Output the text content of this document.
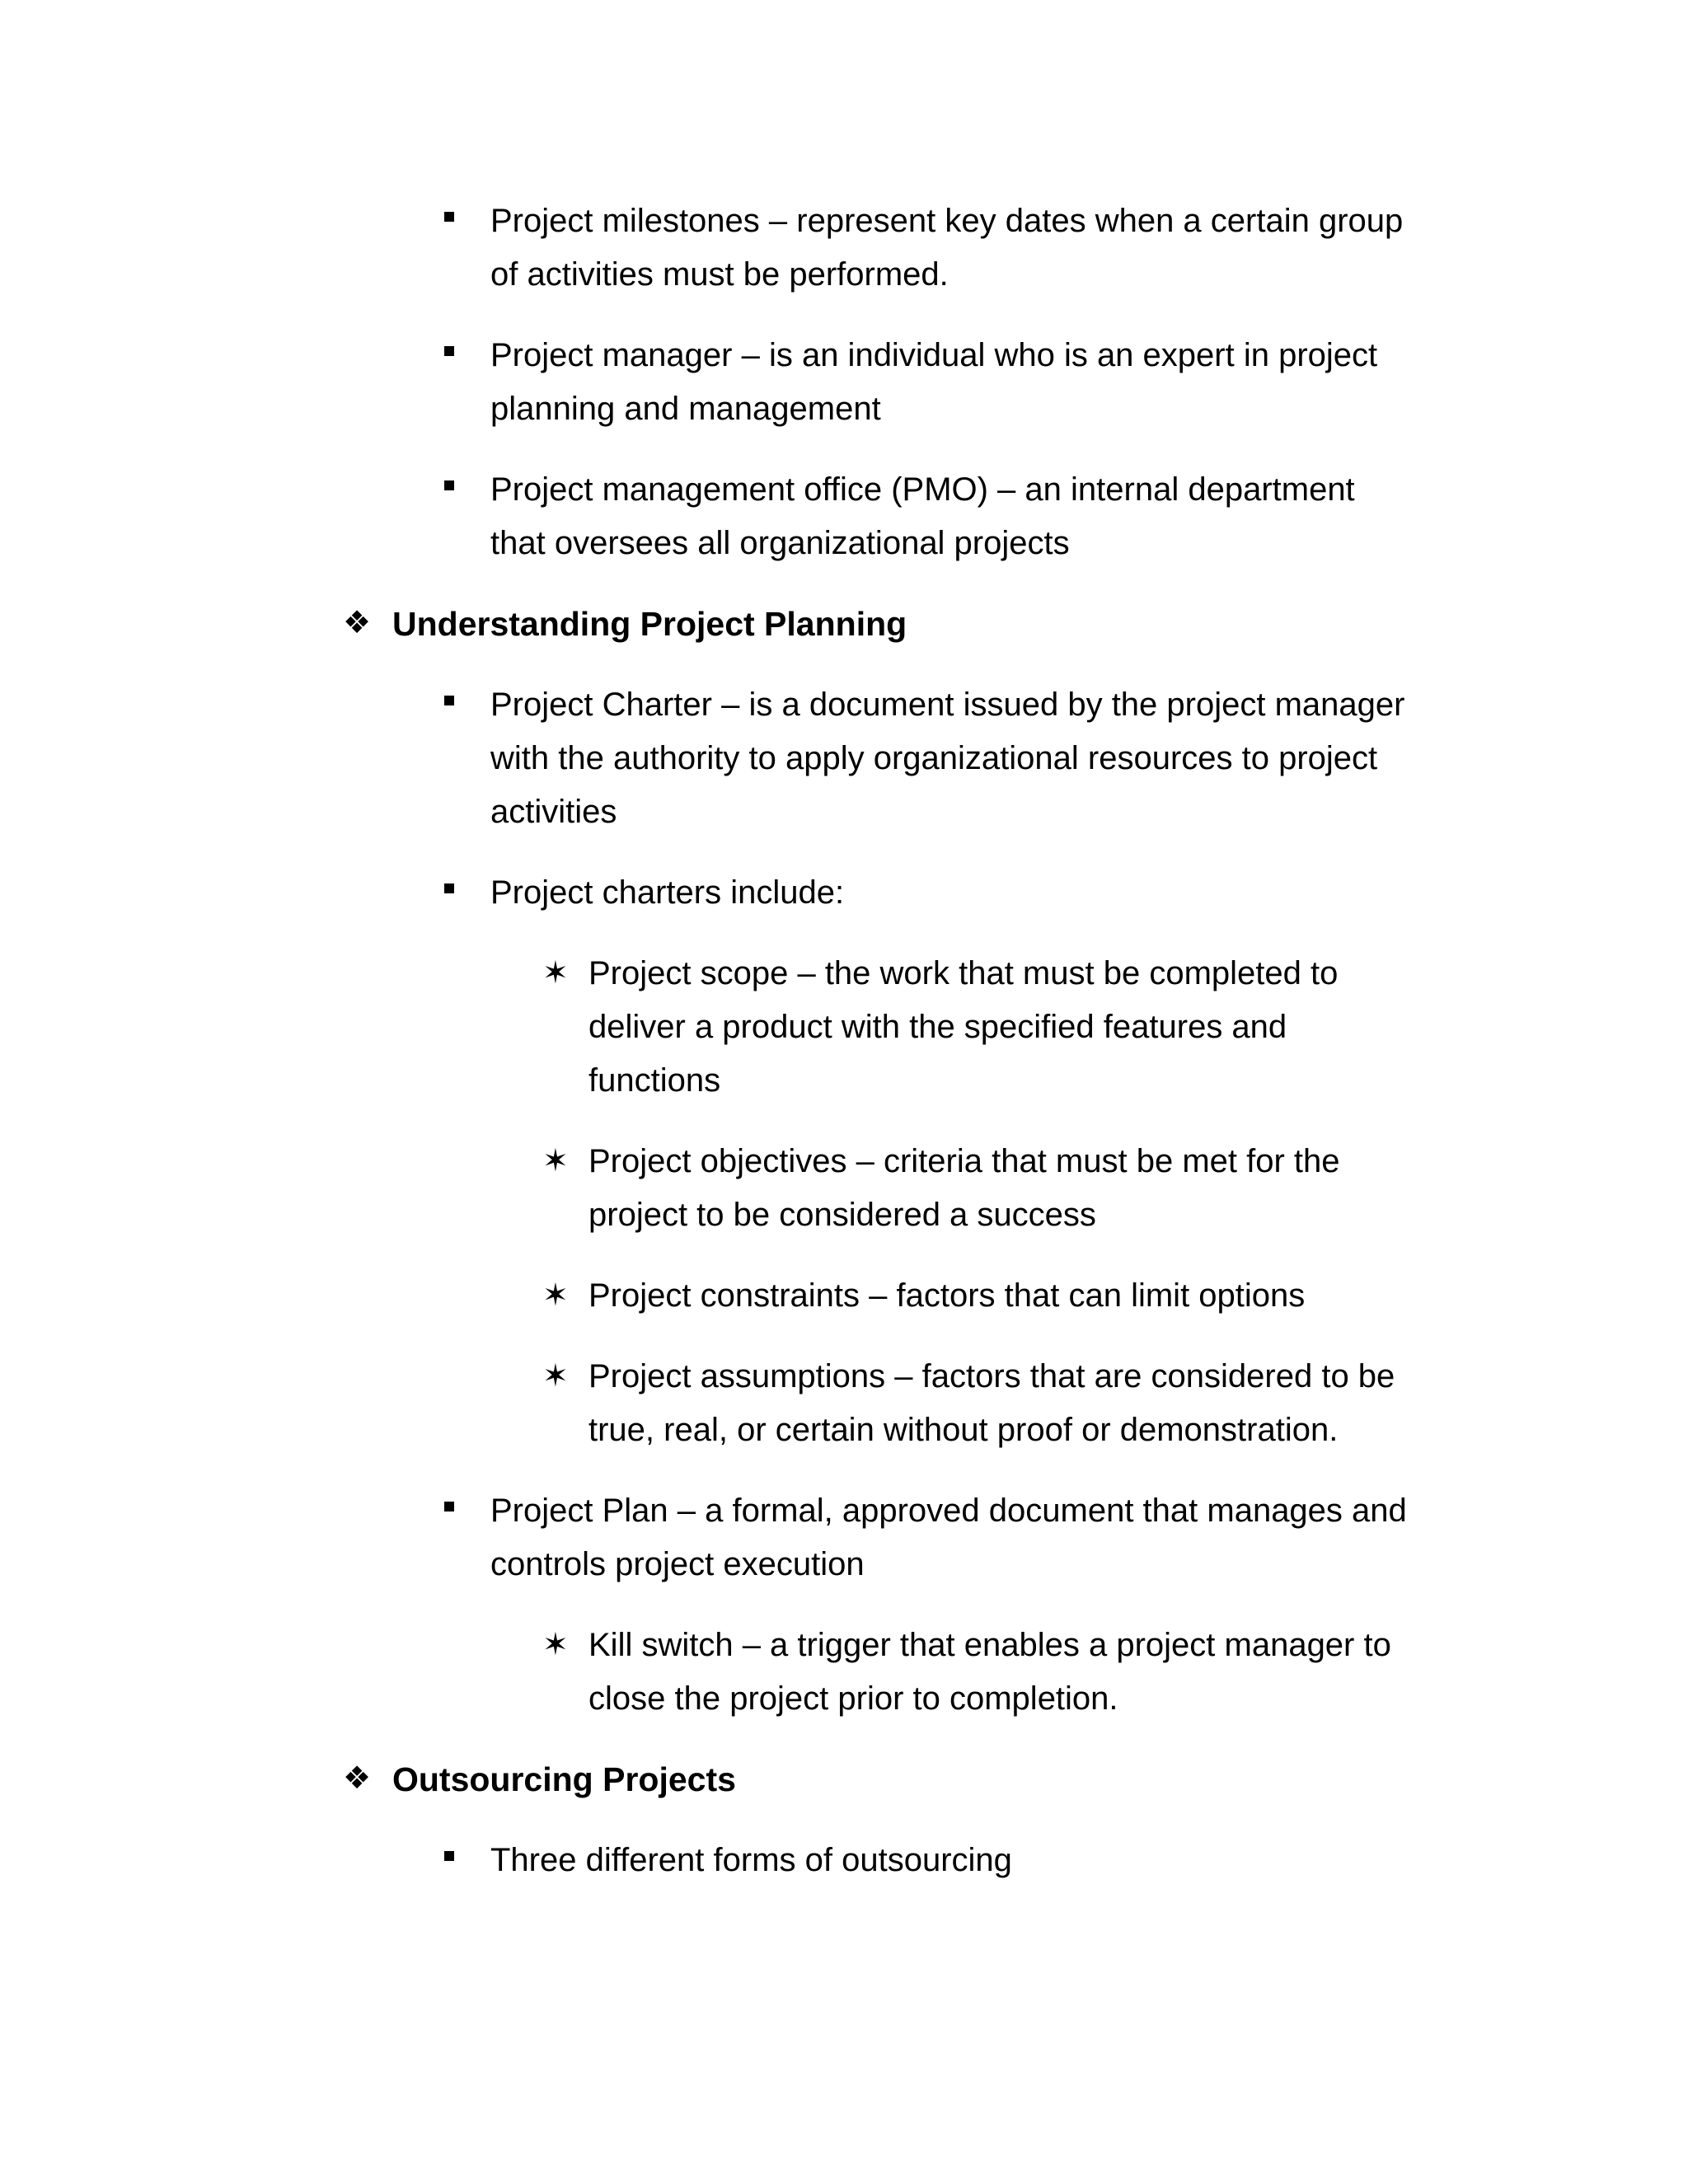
Project milestones – represent key dates when a certain group
of activities must be performed.
Project manager – is an individual who is an expert in project
planning and management
Project management office (PMO) – an internal department
that oversees all organizational projects
❖ Understanding Project Planning
Project Charter – is a document issued by the project manager
with the authority to apply organizational resources to project
activities
Project charters include:
✶ Project scope – the work that must be completed to
deliver a product with the specified features and
functions
✶ Project objectives – criteria that must be met for the
project to be considered a success
✶ Project constraints – factors that can limit options
✶ Project assumptions – factors that are considered to be
true, real, or certain without proof or demonstration.
Project Plan – a formal, approved document that manages and
controls project execution
✶ Kill switch – a trigger that enables a project manager to
close the project prior to completion.
❖ Outsourcing Projects
Three different forms of outsourcing
